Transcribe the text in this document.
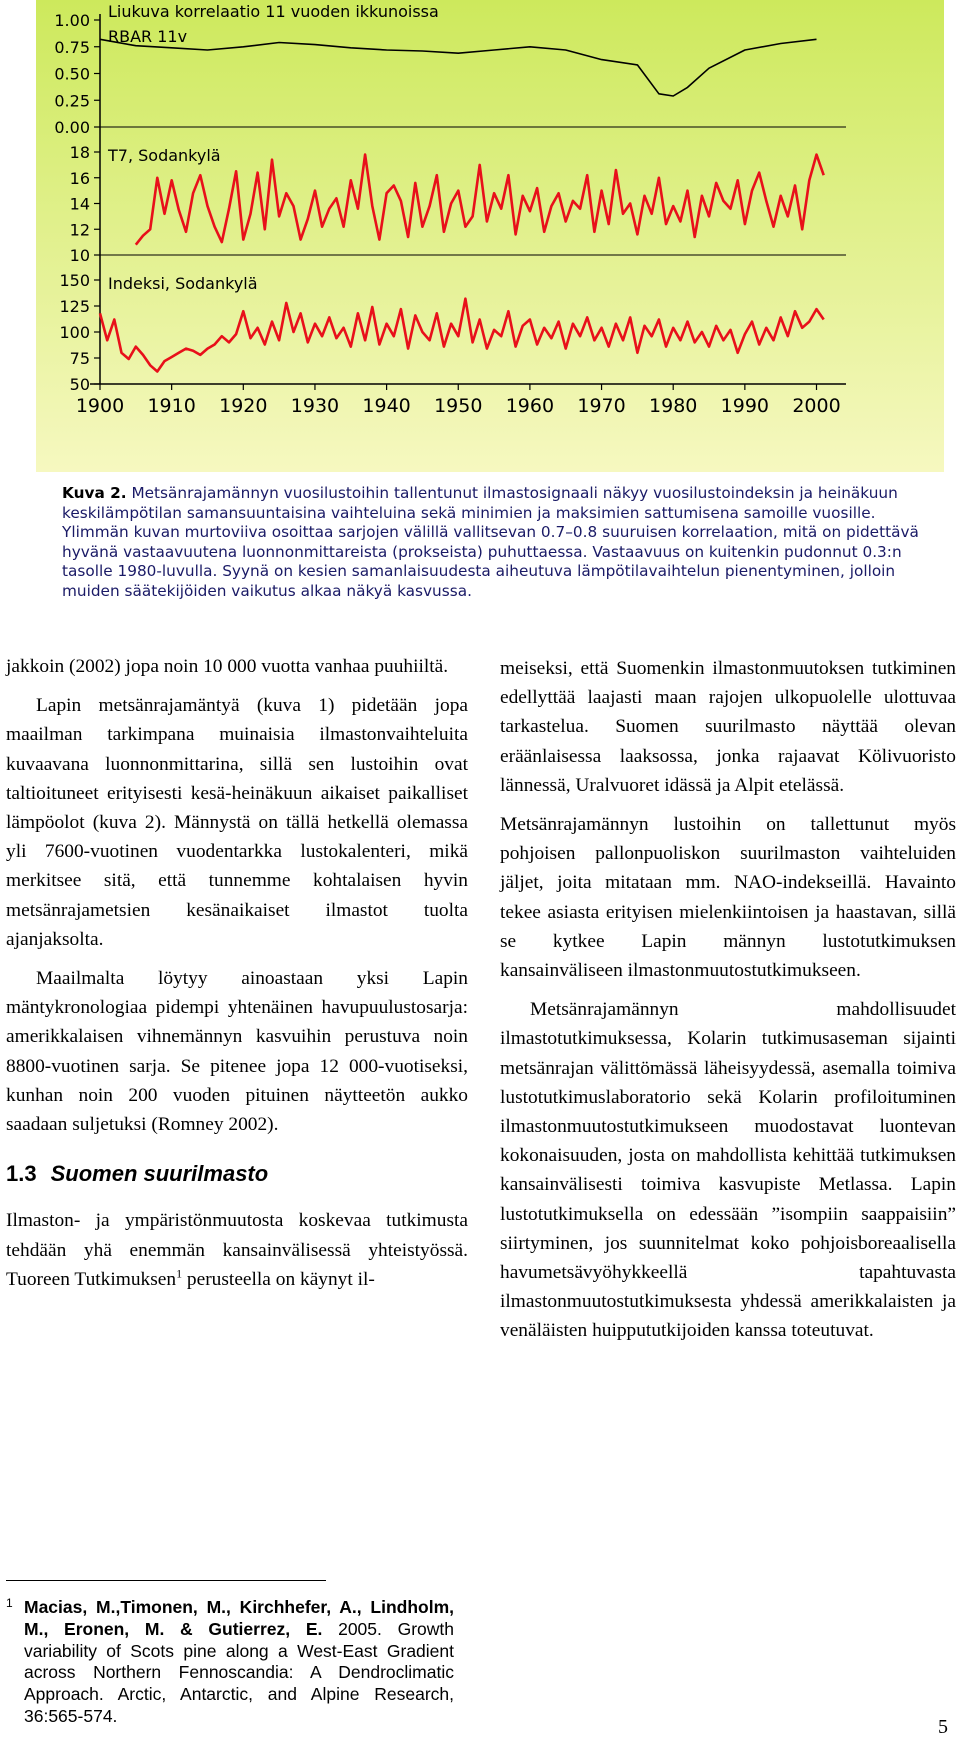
1.00
0.75
0.50
0.25
0.00
Liukuva korrelaatio 11 vuoden ikkunoissa
RBAR 11v
18
16
14
12
10
T7, Sodankylä
150
125
100
75
50
Indeksi, Sodankylä
1900 1910 1920 1930 1940 1950 1960 1970 1980 1990 2000

Kuva 2. Metsänrajamännyn vuosilustoihin tallentunut ilmastosignaali näkyy vuosilustoindeksin ja heinäkuun keskilämpötilan samansuuntaisina vaihteluina sekä minimien ja maksimien sattumisena samoille vuosille. Ylimmän kuvan murtoviiva osoittaa sarjojen välillä vallitsevan 0.7–0.8 suuruisen korrelaation, mitä on pidettävä hyvänä vastaavuutena luonnonmittareista (prokseista) puhuttaessa. Vastaavuus on kuitenkin pudonnut 0.3:n tasolle 1980-luvulla. Syynä on kesien samanlaisuudesta aiheutuva lämpötilavaihtelun pienentyminen, jolloin muiden säätekijöiden vaikutus alkaa näkyä kasvussa.

jakkoin (2002) jopa noin 10 000 vuotta vanhaa puuhiiltä.

Lapin metsänrajamäntyä (kuva 1) pidetään jopa maailman tarkimpana muinaisia ilmastonvaihteluita kuvaavana luonnonmittarina, sillä sen lustoihin ovat taltioituneet erityisesti kesä-heinäkuun aikaiset paikalliset lämpöolot (kuva 2). Männystä on tällä hetkellä olemassa yli 7600-vuotinen vuodentarkka lustokalenteri, mikä merkitsee sitä, että tunnemme kohtalaisen hyvin metsänrajametsien kesänaikaiset ilmastot tuolta ajanjaksolta.

Maailmalta löytyy ainoastaan yksi Lapin mäntykronologiaa pidempi yhtenäinen havupuulustosarja: amerikkalaisen vihnemännyn kasvuihin perustuva noin 8800-vuotinen sarja. Se pitenee jopa 12 000-vuotiseksi, kunhan noin 200 vuoden pituinen näytteetön aukko saadaan suljetuksi (Romney 2002).

1.3 Suomen suurilmasto

Ilmaston- ja ympäristönmuutosta koskevaa tutkimusta tehdään yhä enemmän kansainvälisessä yhteistyössä. Tuoreen Tutkimuksen$^1$ perusteella on käynyt il-

1 Macias, M.,Timonen, M., Kirchhefer, A., Lindholm, M., Eronen, M. & Gutierrez, E. 2005. Growth variability of Scots pine along a West-East Gradient across Northern Fennoscandia: A Dendroclimatic Approach. Arctic, Antarctic, and Alpine Research, 36:565-574.

meiseksi, että Suomenkin ilmastonmuutoksen tutkiminen edellyttää laajasti maan rajojen ulkopuolelle ulottuvaa tarkastelua. Suomen suurilmasto näyttää olevan eräänlaisessa laaksossa, jonka rajaavat Kölivuoristo lännessä, Uralvuoret idässä ja Alpit etelässä.

Metsänrajamännyn lustoihin on tallettunut myös pohjoisen pallonpuoliskon suurilmaston vaihteluiden jäljet, joita mitataan mm. NAO-indekseillä. Havainto tekee asiasta erityisen mielenkiintoisen ja haastavan, sillä se kytkee Lapin männyn lustotutkimuksen kansainväliseen ilmastonmuutostutkimukseen.

Metsänrajamännyn mahdollisuudet ilmastotutkimuksessa, Kolarin tutkimusaseman sijainti metsänrajan välittömässä läheisyydessä, asemalla toimiva lustotutkimuslaboratorio sekä Kolarin profiloituminen ilmastonmuutostutkimukseen muodostavat luontevan kokonaisuuden, josta on mahdollista kehittää tutkimuksen kansainvälisesti toimiva kasvupiste Metlassa. Lapin lustotutkimuksella on edessään ”isompiin saappaisiin” siirtyminen, jos suunnitelmat koko pohjoisboreaalisella havumetsävyöhykkeellä tapahtuvasta ilmastonmuutostutkimuksesta yhdessä amerikkalaisten ja venäläisten huippututkijoiden kanssa toteutuvat.

5
